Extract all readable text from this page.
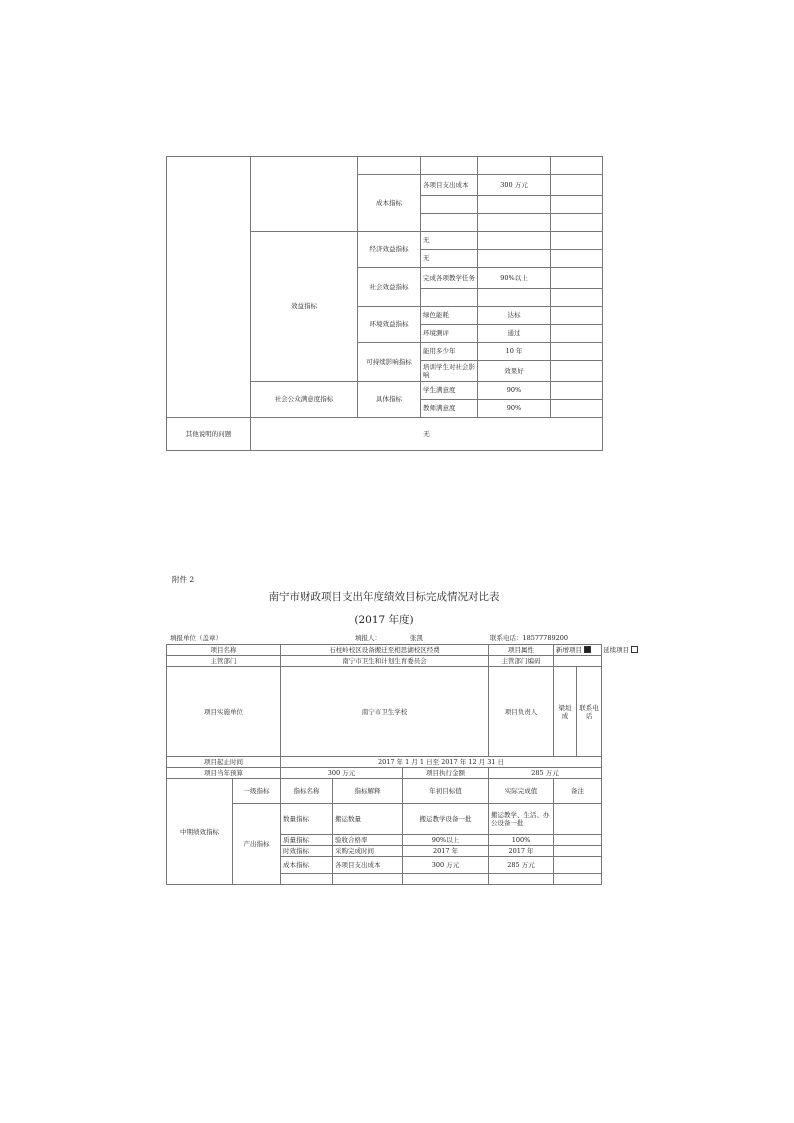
		成本指标	各项目支出成本	300 万元	

	效益指标	经济效益指标	无		
			无		
		社会效益指标	完成各项教学任务	90%以上	

		环境效益指标	绿色能耗	达标	
			环境测评	通过	
		可持续影响指标	能用多少年	10 年	
			培训学生对社会影响	效果好	
	社会公众满意度指标	具体指标	学生满意度	90%	
			教师满意度	90%	
其他说明的问题	无				
附件 2
南宁市财政项目支出年度绩效目标完成情况对比表
(2017 年度)
填报单位（盖章）	填报人：	张凯	联系电话：18577789200
项目名称		石柱岭校区设备搬迁至相思湖校区经费			项目属性	新增项目 延续项目		
主管部门		南宁市卫生和计划生育委员会			主管部门编码			
项目实施单位		南宁市卫生学校			项目负责人	梁垣成	联系电话	
项目起止时间		2017 年 1 月 1 日至 2017 年 12 月 31 日						
项目当年预算		300 万元		项目执行金额	285 万元			
中期绩效指标	一级指标	指标名称	指标解释	年初目标值	实际完成值	备注		
	产出指标	数量指标	搬运数量	搬运教学设备一批	搬运教学、生活、办公设备一批			
		质量指标	验收合格率	90%以上	100%			
		时效指标	采购完成时间	2017 年	2017 年			
		成本指标	各项目支出成本	300 万元	285 万元			
